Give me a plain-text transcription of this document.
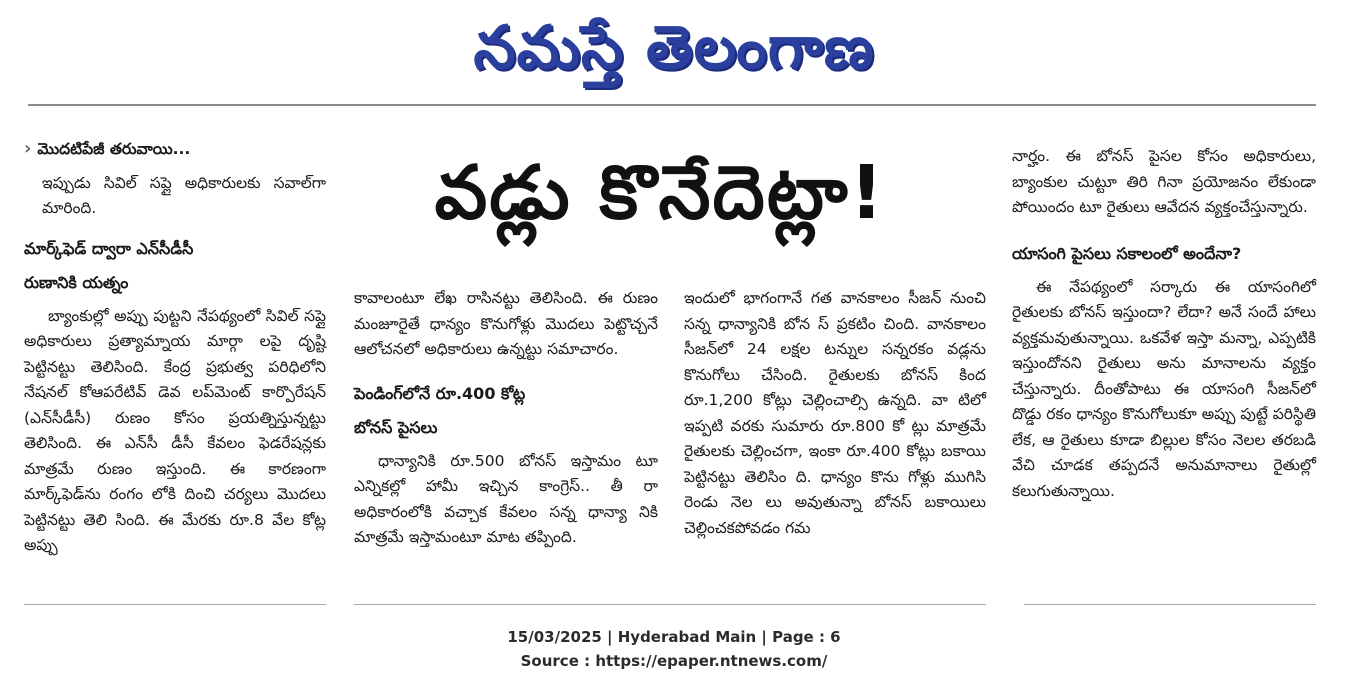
నమస్తే తెలంగాణ
వడ్లు కొనేదెట్లా!

› మొదటిపేజీ తరువాయి...

ఇప్పుడు సివిల్ సప్లై అధికారులకు సవాల్‌గా మారింది.

మార్క్‌ఫెడ్ ద్వారా ఎన్‌సీడీసీ

రుణానికి యత్నం

బ్యాంకుల్లో అప్పు పుట్టని నేపథ్యంలో సివిల్ సప్లై అధికారులు ప్రత్యామ్నాయ మార్గా లపై దృష్టి పెట్టినట్టు తెలిసింది. కేంద్ర ప్రభుత్వ పరిధిలోని నేషనల్ కోఆపరేటివ్ డెవ లప్‌మెంట్ కార్పొరేషన్ (ఎన్‌సీడీసీ) రుణం కోసం ప్రయత్నిస్తున్నట్టు తెలిసింది. ఈ ఎన్‌సీ డీసీ కేవలం ఫెడరేషన్లకు మాత్రమే రుణం ఇస్తుంది. ఈ కారణంగా మార్క్‌ఫెడ్‌ను రంగం లోకి దించి చర్యలు మొదలు పెట్టినట్టు తెలి సింది. ఈ మేరకు రూ.8 వేల కోట్ల అప్పు

కావాలంటూ లేఖ రాసినట్టు తెలిసింది. ఈ రుణం మంజూరైతే ధాన్యం కొనుగోళ్లు మొదలు పెట్టొచ్చనే ఆలోచనలో అధికారులు ఉన్నట్టు సమాచారం.

పెండింగ్‌లోనే రూ.400 కోట్ల

బోనస్ పైసలు

ధాన్యానికి రూ.500 బోనస్ ఇస్తామం టూ ఎన్నికల్లో హామీ ఇచ్చిన కాంగ్రెస్.. తీ రా అధికారంలోకి వచ్చాక కేవలం సన్న ధాన్యా నికి మాత్రమే ఇస్తామంటూ మాట తప్పింది.

ఇందులో భాగంగానే గత వానకాలం సీజన్ నుంచి సన్న ధాన్యానికి బోన స్ ప్రకటిం చింది. వానకాలం సీజన్‌లో 24 లక్షల టన్నుల సన్నరకం వడ్లను కొనుగోలు చేసింది. రైతులకు బోనస్ కింద రూ.1,200 కోట్లు చెల్లించాల్సి ఉన్నది. వా టిలో ఇప్పటి వరకు సుమారు రూ.800 కో ట్లు మాత్రమే రైతులకు చెల్లించగా, ఇంకా రూ.400 కోట్లు బకాయి పెట్టినట్టు తెలిసిం ది. ధాన్యం కొను గోళ్లు ముగిసి రెండు నెల లు అవుతున్నా బోనస్ బకాయిలు చెల్లించకపోవడం గమ

నార్హం. ఈ బోనస్ పైసల కోసం అధికారులు, బ్యాంకుల చుట్టూ తిరి గినా ప్రయోజనం లేకుండా పోయిందం టూ రైతులు ఆవేదన వ్యక్తంచేస్తున్నారు.

యాసంగి పైసలు సకాలంలో అందేనా?

ఈ నేపథ్యంలో సర్కారు ఈ యాసంగిలో రైతులకు బోనస్ ఇస్తుందా? లేదా? అనే సందే హాలు వ్యక్తమవుతున్నాయి. ఒకవేళ ఇస్తా మన్నా, ఎప్పటికి ఇస్తుందోనని రైతులు అను మానాలను వ్యక్తం చేస్తున్నారు. దీంతోపాటు ఈ యాసంగి సీజన్‌లో దొడ్డు రకం ధాన్యం కొనుగోలుకూ అప్పు పుట్టే పరిస్థితి లేక, ఆ రైతులు కూడా బిల్లుల కోసం నెలల తరబడి వేచి చూడక తప్పదనే అనుమానాలు రైతుల్లో కలుగుతున్నాయి.

15/03/2025 | Hyderabad Main | Page : 6
Source : https://epaper.ntnews.com/
